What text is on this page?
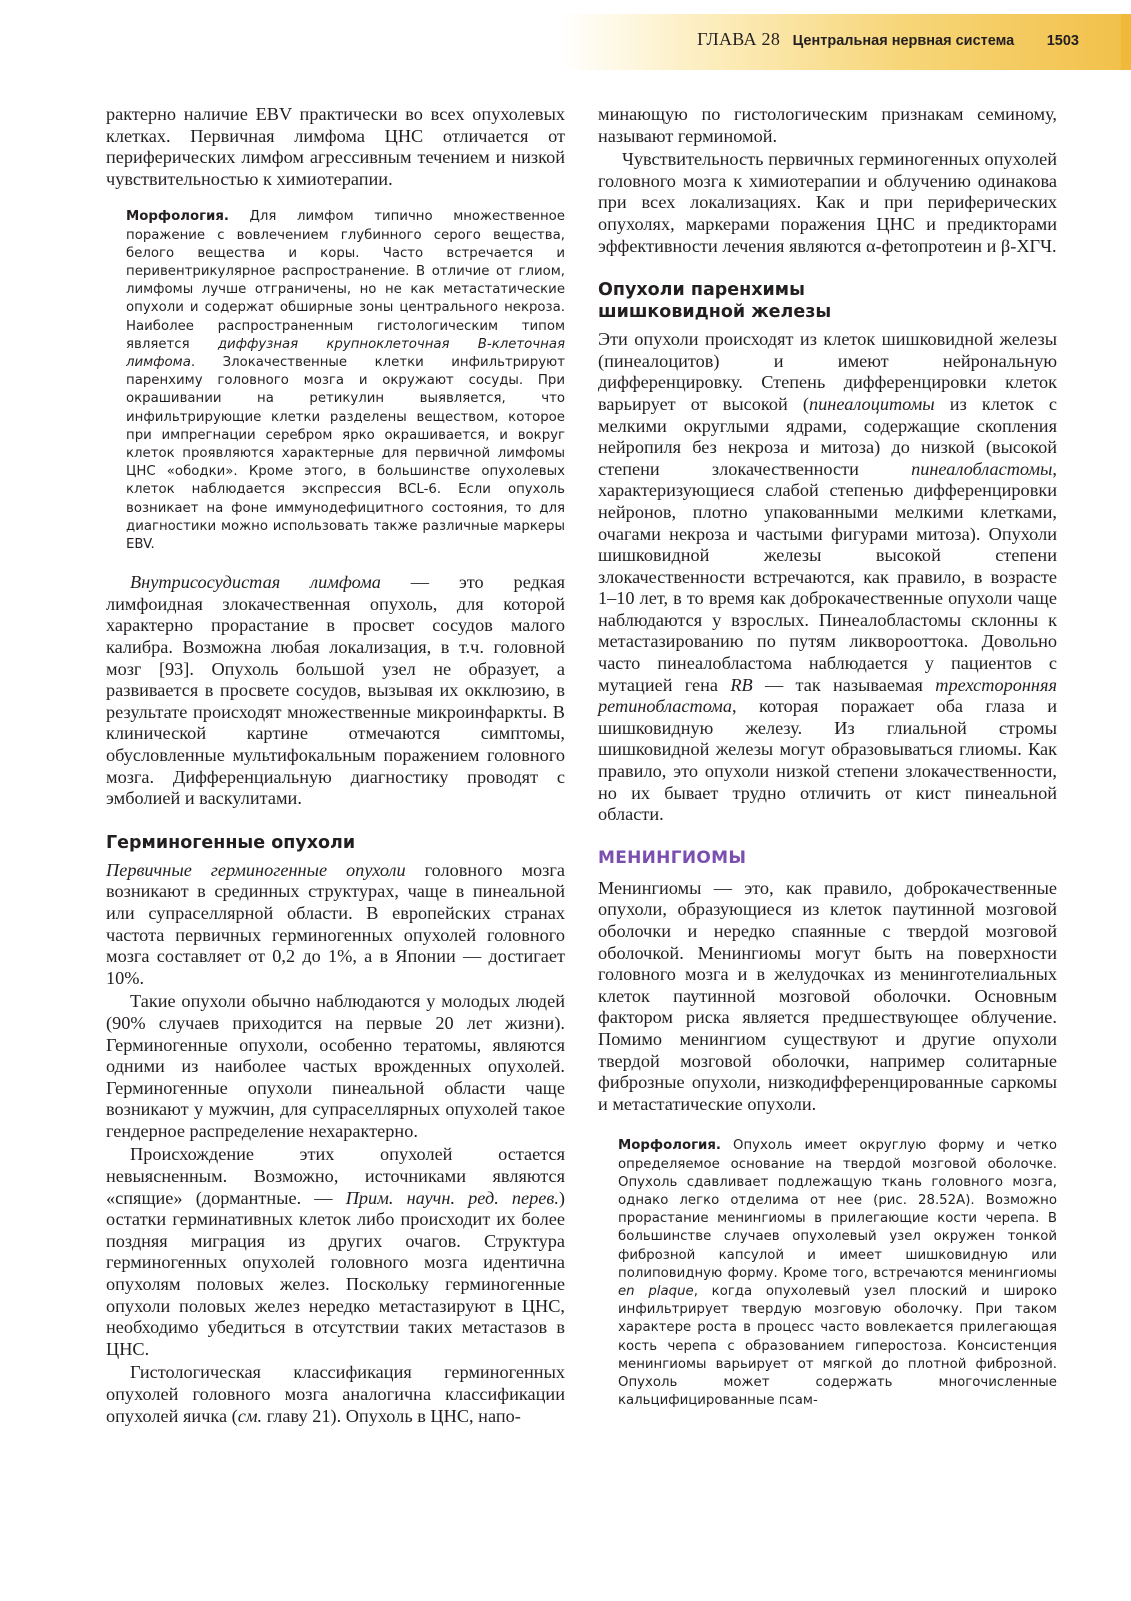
ГЛАВА 28 Центральная нервная система 1503

рактерно наличие EBV практически во всех опухолевых клетках. Первичная лимфома ЦНС отличается от периферических лимфом агрессивным течением и низкой чувствительностью к химиотерапии.

Морфология. Для лимфом типично множественное поражение с вовлечением глубинного серого вещества, белого вещества и коры. Часто встречается и перивентрикулярное распространение. В отличие от глиом, лимфомы лучше отграничены, но не как метастатические опухоли и содержат обширные зоны центрального некроза. Наиболее распространенным гистологическим типом является диффузная крупноклеточная В-клеточная лимфома. Злокачественные клетки инфильтрируют паренхиму головного мозга и окружают сосуды. При окрашивании на ретикулин выявляется, что инфильтрирующие клетки разделены веществом, которое при импрегнации серебром ярко окрашивается, и вокруг клеток проявляются характерные для первичной лимфомы ЦНС «ободки». Кроме этого, в большинстве опухолевых клеток наблюдается экспрессия BCL-6. Если опухоль возникает на фоне иммунодефицитного состояния, то для диагностики можно использовать также различные маркеры EBV.

Внутрисосудистая лимфома — это редкая лимфоидная злокачественная опухоль, для которой характерно прорастание в просвет сосудов малого калибра. Возможна любая локализация, в т.ч. головной мозг [93]. Опухоль большой узел не образует, а развивается в просвете сосудов, вызывая их окклюзию, в результате происходят множественные микроинфаркты. В клинической картине отмечаются симптомы, обусловленные мультифокальным поражением головного мозга. Дифференциальную диагностику проводят с эмболией и васкулитами.

Герминогенные опухоли

Первичные герминогенные опухоли головного мозга возникают в срединных структурах, чаще в пинеальной или супраселлярной области. В европейских странах частота первичных герминогенных опухолей головного мозга составляет от 0,2 до 1%, а в Японии — достигает 10%.

Такие опухоли обычно наблюдаются у молодых людей (90% случаев приходится на первые 20 лет жизни). Герминогенные опухоли, особенно тератомы, являются одними из наиболее частых врожденных опухолей. Герминогенные опухоли пинеальной области чаще возникают у мужчин, для супраселлярных опухолей такое гендерное распределение нехарактерно.

Происхождение этих опухолей остается невыясненным. Возможно, источниками являются «спящие» (дормантные. — Прим. научн. ред. перев.) остатки герминативных клеток либо происходит их более поздняя миграция из других очагов. Структура герминогенных опухолей головного мозга идентична опухолям половых желез. Поскольку герминогенные опухоли половых желез нередко метастазируют в ЦНС, необходимо убедиться в отсутствии таких метастазов в ЦНС.

Гистологическая классификация герминогенных опухолей головного мозга аналогична классификации опухолей яичка (см. главу 21). Опухоль в ЦНС, напо-

минающую по гистологическим признакам семиному, называют герминомой.

Чувствительность первичных герминогенных опухолей головного мозга к химиотерапии и облучению одинакова при всех локализациях. Как и при периферических опухолях, маркерами поражения ЦНС и предикторами эффективности лечения являются α-фетопротеин и β-ХГЧ.

Опухоли паренхимы шишковидной железы

Эти опухоли происходят из клеток шишковидной железы (пинеалоцитов) и имеют нейрональную дифференцировку. Степень дифференцировки клеток варьирует от высокой (пинеалоцитомы из клеток с мелкими округлыми ядрами, содержащие скопления нейропиля без некроза и митоза) до низкой (высокой степени злокачественности пинеалобластомы, характеризующиеся слабой степенью дифференцировки нейронов, плотно упакованными мелкими клетками, очагами некроза и частыми фигурами митоза). Опухоли шишковидной железы высокой степени злокачественности встречаются, как правило, в возрасте 1–10 лет, в то время как доброкачественные опухоли чаще наблюдаются у взрослых. Пинеалобластомы склонны к метастазированию по путям ликворооттока. Довольно часто пинеалобластома наблюдается у пациентов с мутацией гена RB — так называемая трехсторонняя ретинобластома, которая поражает оба глаза и шишковидную железу. Из глиальной стромы шишковидной железы могут образовываться глиомы. Как правило, это опухоли низкой степени злокачественности, но их бывает трудно отличить от кист пинеальной области.

МЕНИНГИОМЫ

Менингиомы — это, как правило, доброкачественные опухоли, образующиеся из клеток паутинной мозговой оболочки и нередко спаянные с твердой мозговой оболочкой. Менингиомы могут быть на поверхности головного мозга и в желудочках из менинготелиальных клеток паутинной мозговой оболочки. Основным фактором риска является предшествующее облучение. Помимо менингиом существуют и другие опухоли твердой мозговой оболочки, например солитарные фиброзные опухоли, низкодифференцированные саркомы и метастатические опухоли.

Морфология. Опухоль имеет округлую форму и четко определяемое основание на твердой мозговой оболочке. Опухоль сдавливает подлежащую ткань головного мозга, однако легко отделима от нее (рис. 28.52А). Возможно прорастание менингиомы в прилегающие кости черепа. В большинстве случаев опухолевый узел окружен тонкой фиброзной капсулой и имеет шишковидную или полиповидную форму. Кроме того, встречаются менингиомы en plaque, когда опухолевый узел плоский и широко инфильтрирует твердую мозговую оболочку. При таком характере роста в процесс часто вовлекается прилегающая кость черепа с образованием гиперостоза. Консистенция менингиомы варьирует от мягкой до плотной фиброзной. Опухоль может содержать многочисленные кальцифицированные псам-
